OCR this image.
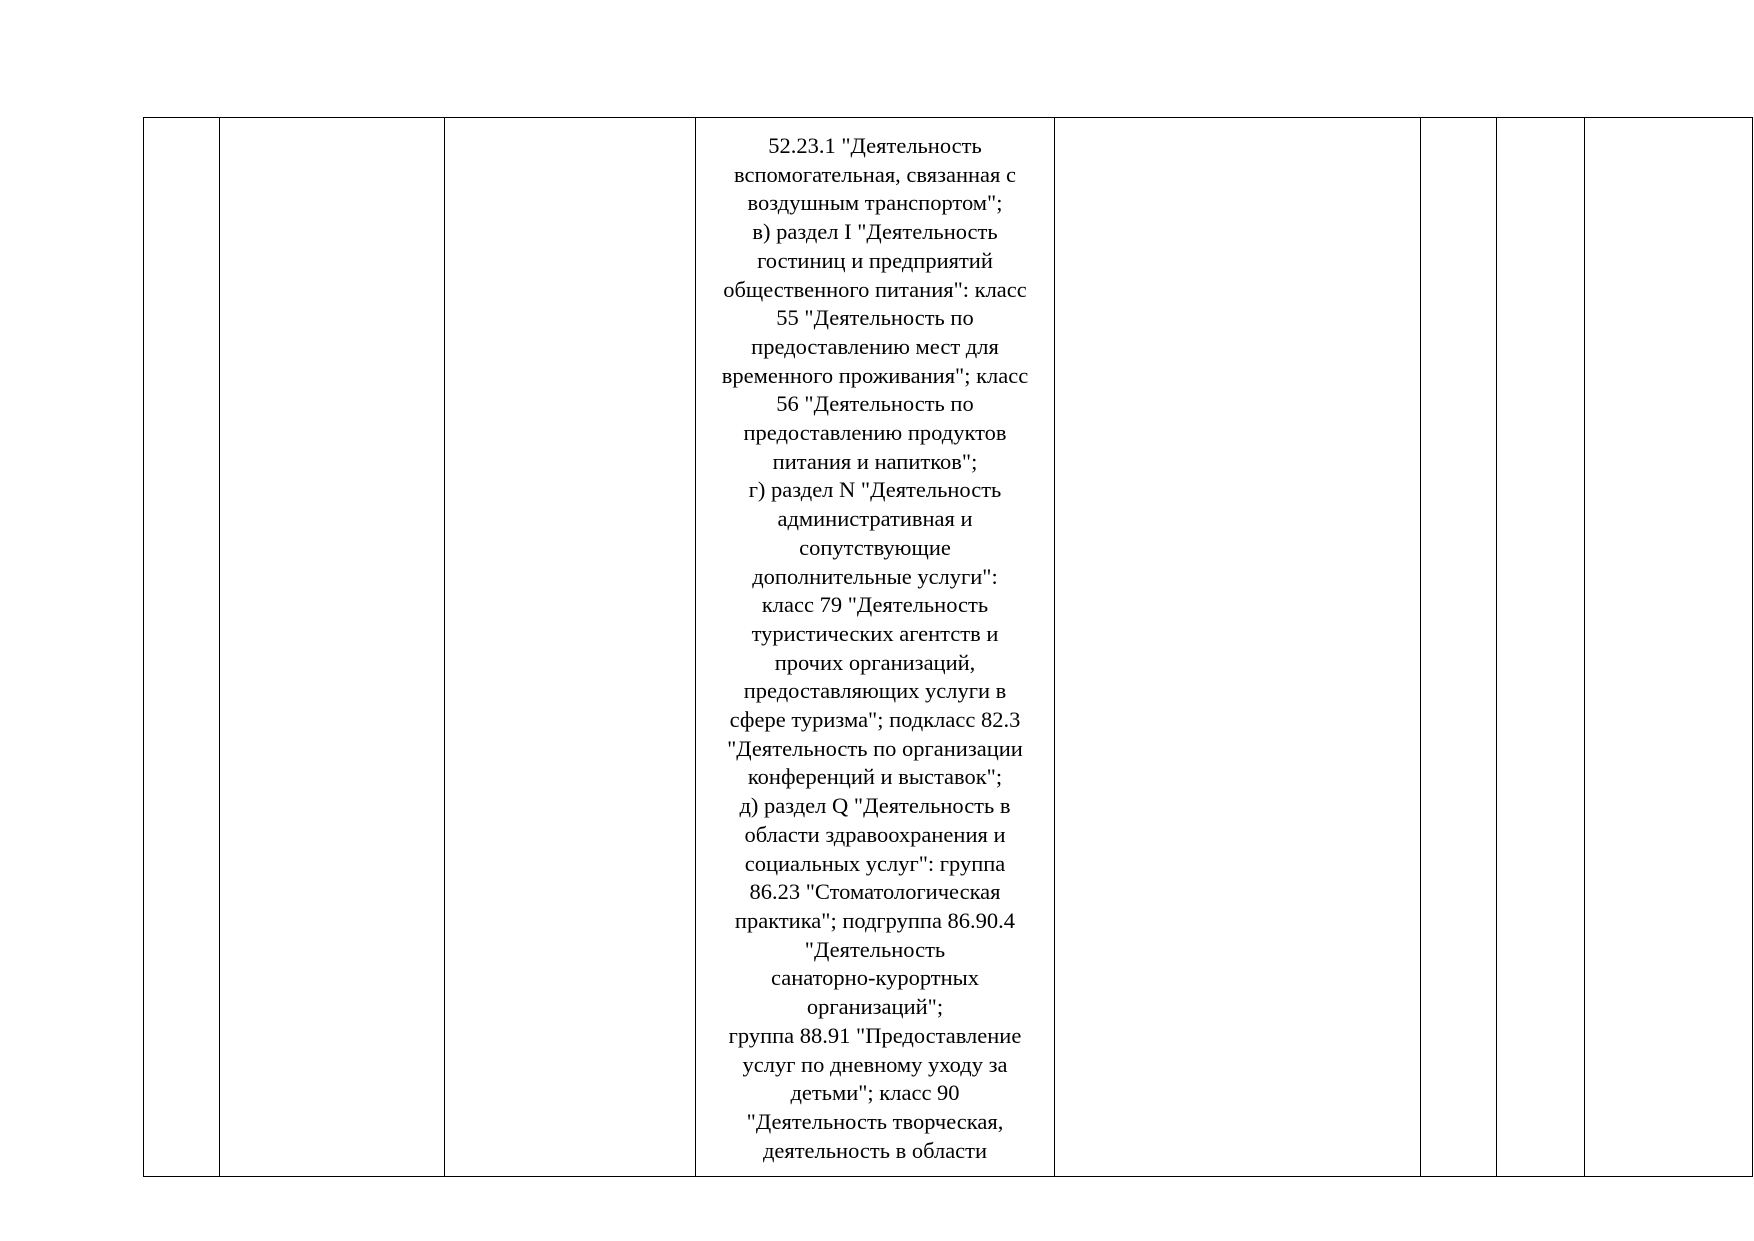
52.23.1 "Деятельность
вспомогательная, связанная с
воздушным транспортом";
в) раздел I "Деятельность
гостиниц и предприятий
общественного питания": класс
55 "Деятельность по
предоставлению мест для
временного проживания"; класс
56 "Деятельность по
предоставлению продуктов
питания и напитков";
г) раздел N "Деятельность
административная и
сопутствующие
дополнительные услуги":
класс 79 "Деятельность
туристических агентств и
прочих организаций,
предоставляющих услуги в
сфере туризма"; подкласс 82.3
"Деятельность по организации
конференций и выставок";
д) раздел Q "Деятельность в
области здравоохранения и
социальных услуг": группа
86.23 "Стоматологическая
практика"; подгруппа 86.90.4
"Деятельность
санаторно-курортных
организаций";
группа 88.91 "Предоставление
услуг по дневному уходу за
детьми"; класс 90
"Деятельность творческая,
деятельность в области
